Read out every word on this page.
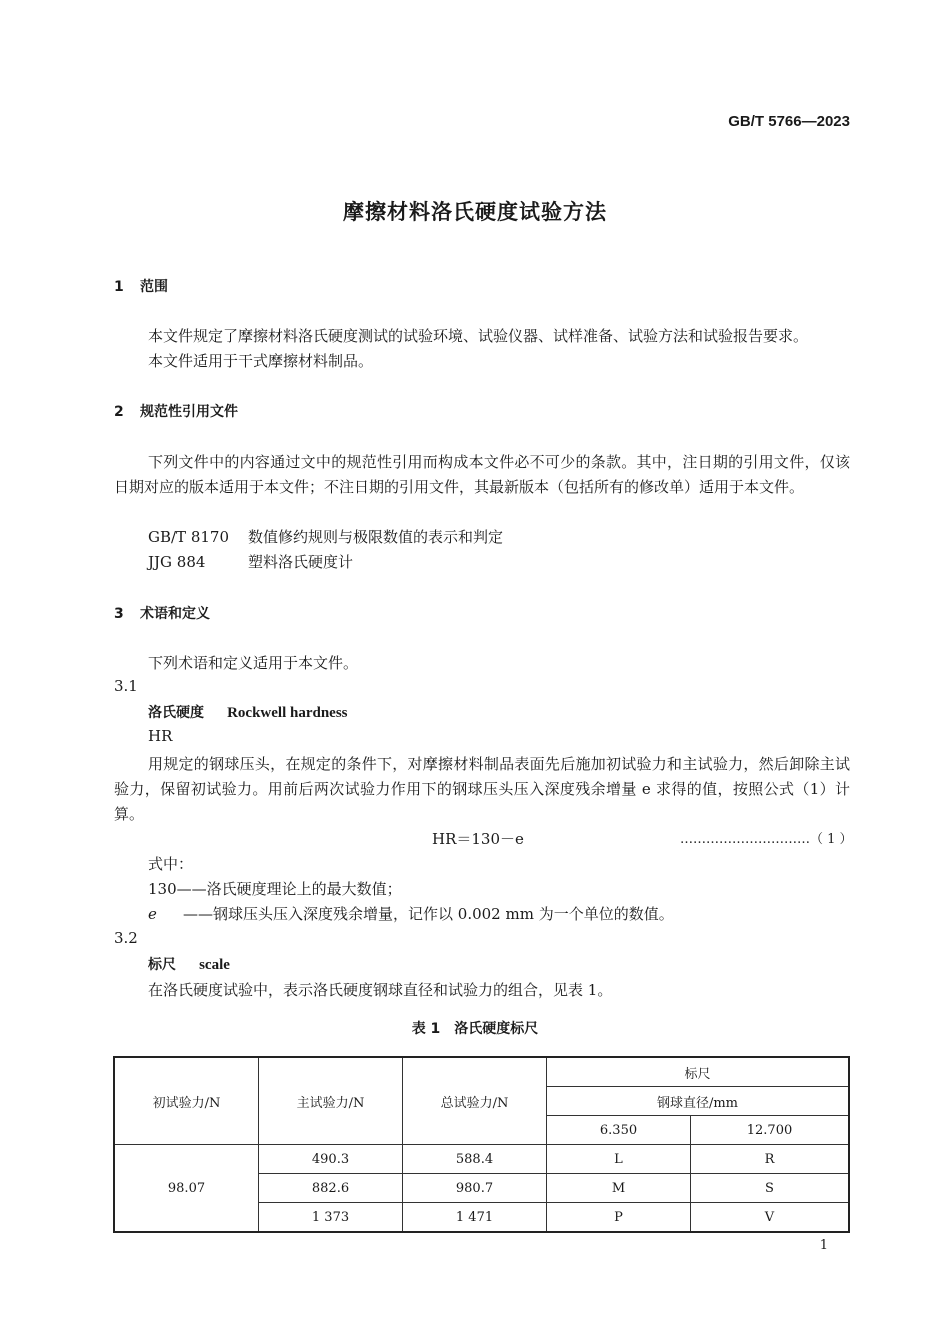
GB/T 5766—2023
摩擦材料洛氏硬度试验方法
1 范围
本文件规定了摩擦材料洛氏硬度测试的试验环境、试验仪器、试样准备、试验方法和试验报告要求。
本文件适用于干式摩擦材料制品。
2 规范性引用文件
下列文件中的内容通过文中的规范性引用而构成本文件必不可少的条款。其中，注日期的引用文件，仅该日期对应的版本适用于本文件；不注日期的引用文件，其最新版本（包括所有的修改单）适用于本文件。
GB/T 8170 数值修约规则与极限数值的表示和判定
JJG 884	塑料洛氏硬度计
3 术语和定义
下列术语和定义适用于本文件。
3.1
洛氏硬度 Rockwell hardness
HR
用规定的钢球压头，在规定的条件下，对摩擦材料制品表面先后施加初试验力和主试验力，然后卸除主试验力，保留初试验力。用前后两次试验力作用下的钢球压头压入深度残余增量 e 求得的值，按照公式（1）计算。
HR＝130－e	…………………………（ 1 ）
式中：
130——洛氏硬度理论上的最大数值；
e ——钢球压头压入深度残余增量，记作以 0.002 mm 为一个单位的数值。
3.2
标尺 scale
在洛氏硬度试验中，表示洛氏硬度钢球直径和试验力的组合，见表 1。
表 1　洛氏硬度标尺
初试验力/N	主试验力/N	总试验力/N	标尺	
			钢球直径/mm	
			6.350	12.700
98.07	490.3	588.4	L	R
	882.6	980.7	M	S
	1 373	1 471	P	V
1
